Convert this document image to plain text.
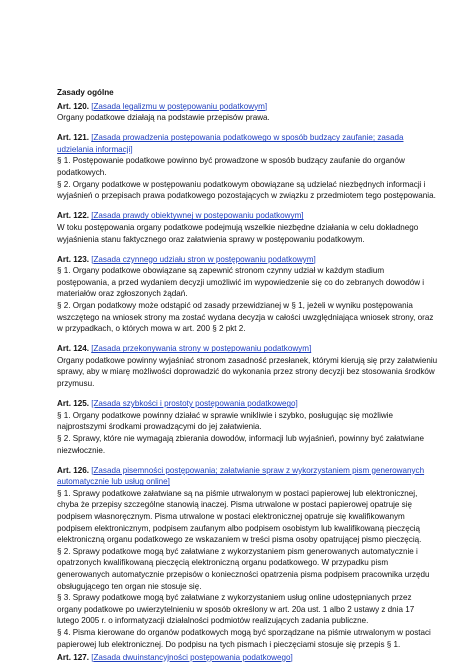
Zasady ogólne

Art. 120. [Zasada legalizmu w postępowaniu podatkowym]

Organy podatkowe działają na podstawie przepisów prawa.

Art. 121. [Zasada prowadzenia postępowania podatkowego w sposób budzący zaufanie; zasada udzielania informacji]

§ 1. Postępowanie podatkowe powinno być prowadzone w sposób budzący zaufanie do organów podatkowych.

§ 2. Organy podatkowe w postępowaniu podatkowym obowiązane są udzielać niezbędnych informacji i wyjaśnień o przepisach prawa podatkowego pozostających w związku z przedmiotem tego postępowania.

Art. 122. [Zasada prawdy obiektywnej w postępowaniu podatkowym]

W toku postępowania organy podatkowe podejmują wszelkie niezbędne działania w celu dokładnego wyjaśnienia stanu faktycznego oraz załatwienia sprawy w postępowaniu podatkowym.

Art. 123. [Zasada czynnego udziału stron w postępowaniu podatkowym]

§ 1. Organy podatkowe obowiązane są zapewnić stronom czynny udział w każdym stadium postępowania, a przed wydaniem decyzji umożliwić im wypowiedzenie się co do zebranych dowodów i materiałów oraz zgłoszonych żądań.

§ 2. Organ podatkowy może odstąpić od zasady przewidzianej w § 1, jeżeli w wyniku postępowania wszczętego na wniosek strony ma zostać wydana decyzja w całości uwzględniająca wniosek strony, oraz w przypadkach, o których mowa w art. 200 § 2 pkt 2.

Art. 124. [Zasada przekonywania strony w postępowaniu podatkowym]

Organy podatkowe powinny wyjaśniać stronom zasadność przesłanek, którymi kierują się przy załatwieniu sprawy, aby w miarę możliwości doprowadzić do wykonania przez strony decyzji bez stosowania środków przymusu.

Art. 125. [Zasada szybkości i prostoty postępowania podatkowego]

§ 1. Organy podatkowe powinny działać w sprawie wnikliwie i szybko, posługując się możliwie najprostszymi środkami prowadzącymi do jej załatwienia.

§ 2. Sprawy, które nie wymagają zbierania dowodów, informacji lub wyjaśnień, powinny być załatwiane niezwłocznie.

Art. 126. [Zasada pisemności postępowania; załatwianie spraw z wykorzystaniem pism generowanych automatycznie lub usług online]

§ 1. Sprawy podatkowe załatwiane są na piśmie utrwalonym w postaci papierowej lub elektronicznej, chyba że przepisy szczególne stanowią inaczej. Pisma utrwalone w postaci papierowej opatruje się podpisem własnoręcznym. Pisma utrwalone w postaci elektronicznej opatruje się kwalifikowanym podpisem elektronicznym, podpisem zaufanym albo podpisem osobistym lub kwalifikowaną pieczęcią elektroniczną organu podatkowego ze wskazaniem w treści pisma osoby opatrującej pismo pieczęcią.

§ 2. Sprawy podatkowe mogą być załatwiane z wykorzystaniem pism generowanych automatycznie i opatrzonych kwalifikowaną pieczęcią elektroniczną organu podatkowego. W przypadku pism generowanych automatycznie przepisów o konieczności opatrzenia pisma podpisem pracownika urzędu obsługującego ten organ nie stosuje się.

§ 3. Sprawy podatkowe mogą być załatwiane z wykorzystaniem usług online udostępnianych przez organy podatkowe po uwierzytelnieniu w sposób określony w art. 20a ust. 1 albo 2 ustawy z dnia 17 lutego 2005 r. o informatyzacji działalności podmiotów realizujących zadania publiczne.

§ 4. Pisma kierowane do organów podatkowych mogą być sporządzane na piśmie utrwalonym w postaci papierowej lub elektronicznej. Do podpisu na tych pismach i pieczęciami stosuje się przepis § 1.

Art. 127. [Zasada dwuinstancyjności postępowania podatkowego]
